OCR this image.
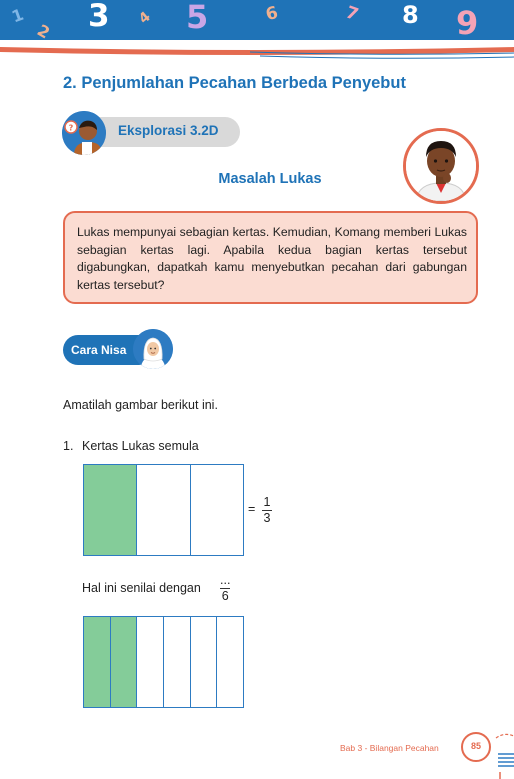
1
2 3 4 5	6	7 8 9
2. Penjumlahan Pecahan Berbeda Penyebut
?	Eksplorasi 3.2D
Masalah Lukas
Lukas mempunyai sebagian kertas. Kemudian, Komang memberi Lukas sebagian kertas lagi. Apabila kedua bagian kertas tersebut digabungkan, dapatkah kamu menyebutkan pecahan dari gabungan kertas tersebut?
Cara Nisa
Amatilah gambar berikut ini.
1. Kertas Lukas semula
= 1
3
Hal ini senilai dengan
...
6
Bab 3 - Bilangan Pecahan	85
